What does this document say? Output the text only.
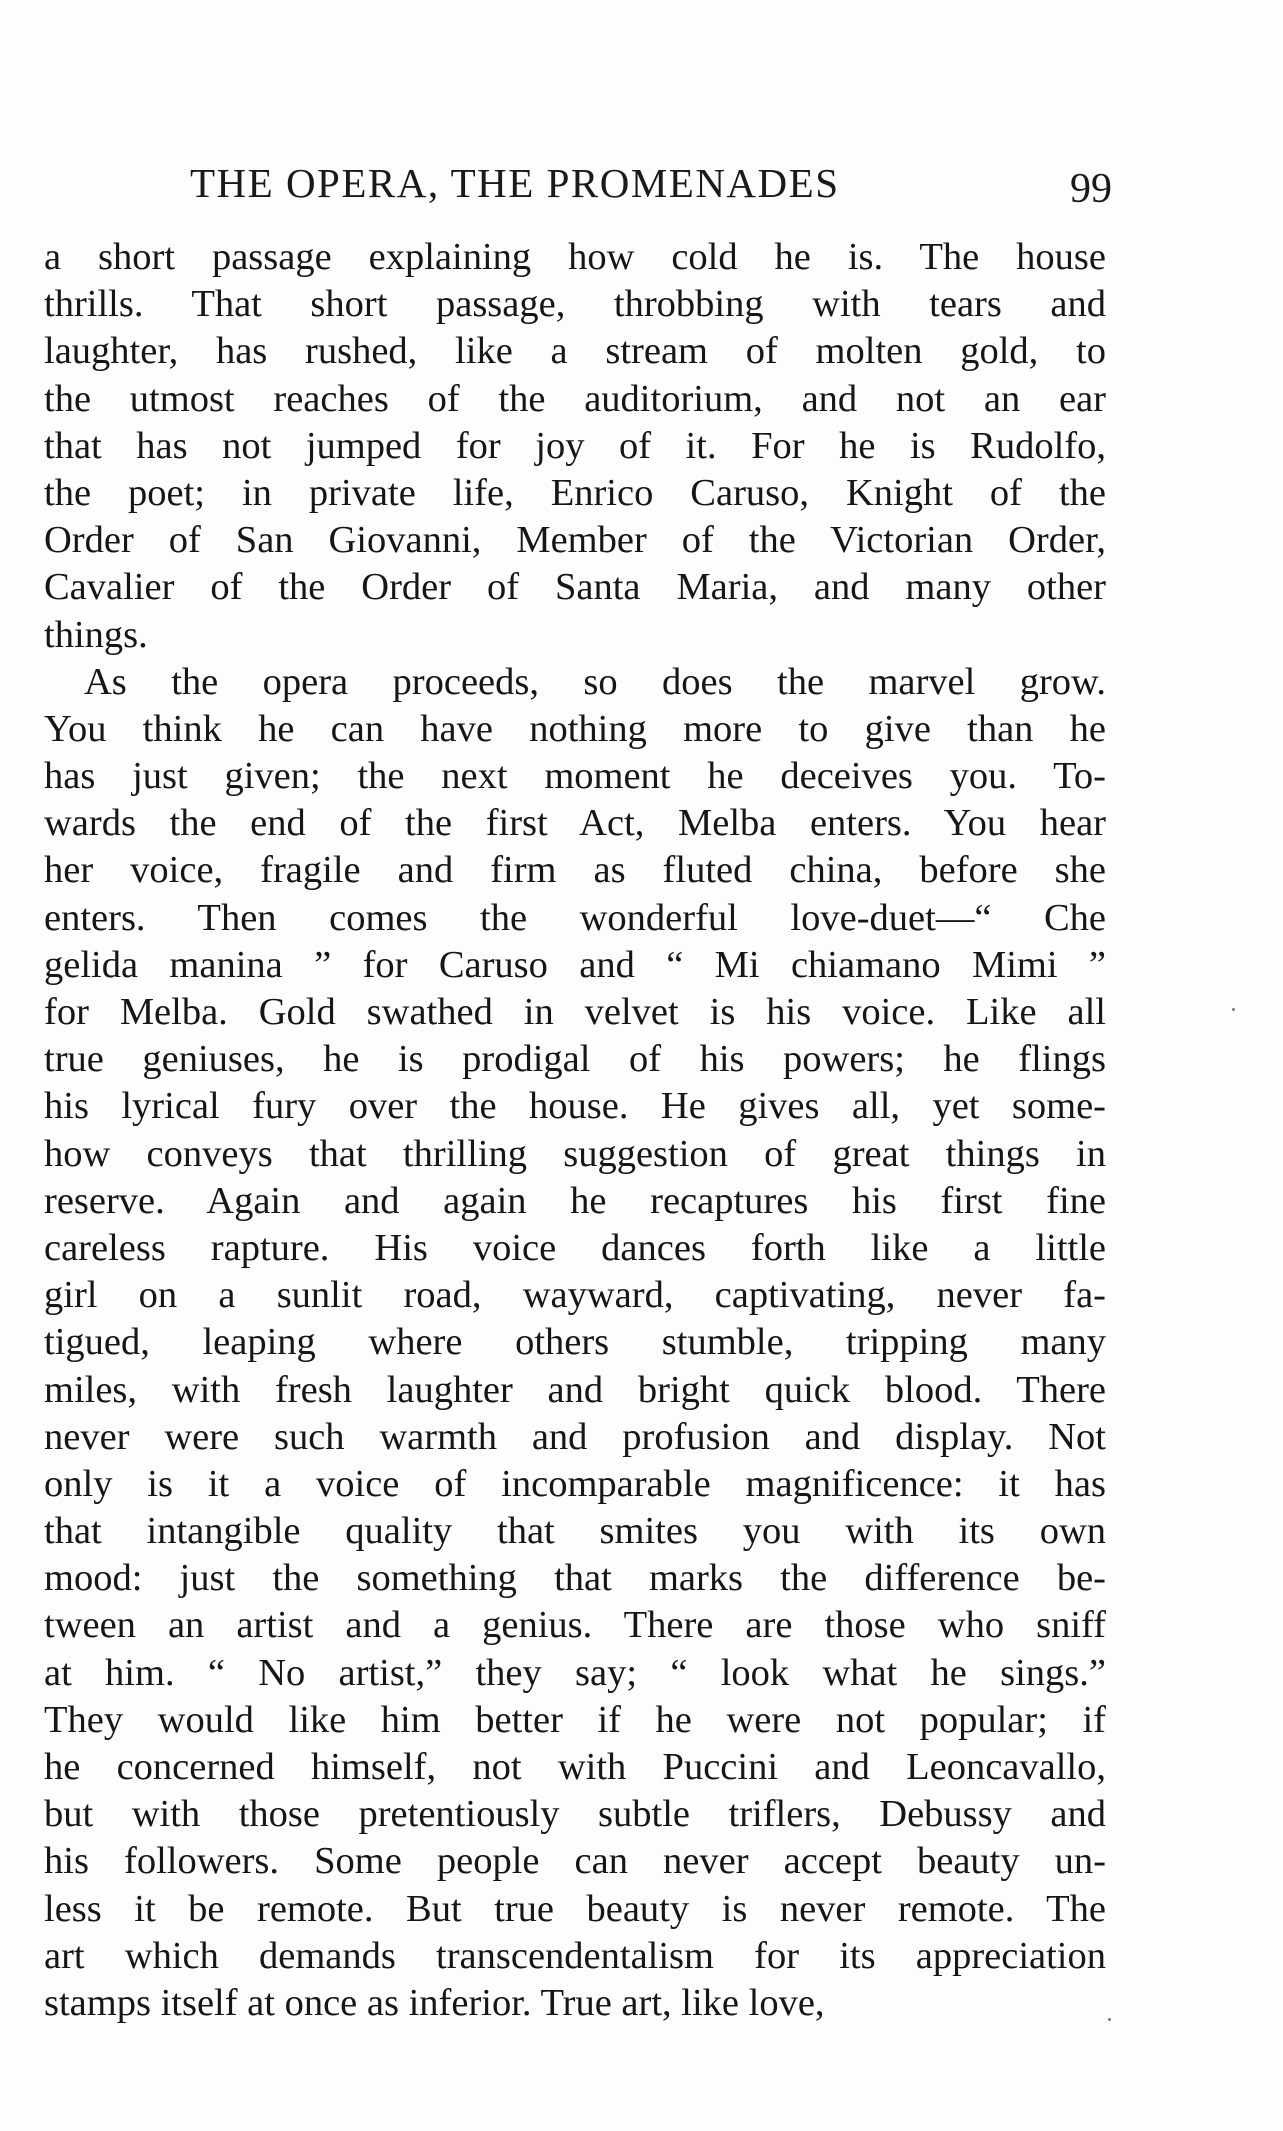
THE OPERA, THE PROMENADES	99
a short passage explaining how cold he is. The house
thrills. That short passage, throbbing with tears and
laughter, has rushed, like a stream of molten gold, to
the utmost reaches of the auditorium, and not an ear
that has not jumped for joy of it. For he is Rudolfo,
the poet; in private life, Enrico Caruso, Knight of the
Order of San Giovanni, Member of the Victorian Order,
Cavalier of the Order of Santa Maria, and many other
things.
As the opera proceeds, so does the marvel grow.
You think he can have nothing more to give than he
has just given; the next moment he deceives you. To-
wards the end of the first Act, Melba enters. You hear
her voice, fragile and firm as fluted china, before she
enters. Then comes the wonderful love-duet—“ Che
gelida manina ” for Caruso and “ Mi chiamano Mimi ”
for Melba. Gold swathed in velvet is his voice. Like all
true geniuses, he is prodigal of his powers; he flings
his lyrical fury over the house. He gives all, yet some-
how conveys that thrilling suggestion of great things in
reserve. Again and again he recaptures his first fine
careless rapture. His voice dances forth like a little
girl on a sunlit road, wayward, captivating, never fa-
tigued, leaping where others stumble, tripping many
miles, with fresh laughter and bright quick blood. There
never were such warmth and profusion and display. Not
only is it a voice of incomparable magnificence: it has
that intangible quality that smites you with its own
mood: just the something that marks the difference be-
tween an artist and a genius. There are those who sniff
at him. “ No artist,” they say; “ look what he sings.”
They would like him better if he were not popular; if
he concerned himself, not with Puccini and Leoncavallo,
but with those pretentiously subtle triflers, Debussy and
his followers. Some people can never accept beauty un-
less it be remote. But true beauty is never remote. The
art which demands transcendentalism for its appreciation
stamps itself at once as inferior. True art, like love,
